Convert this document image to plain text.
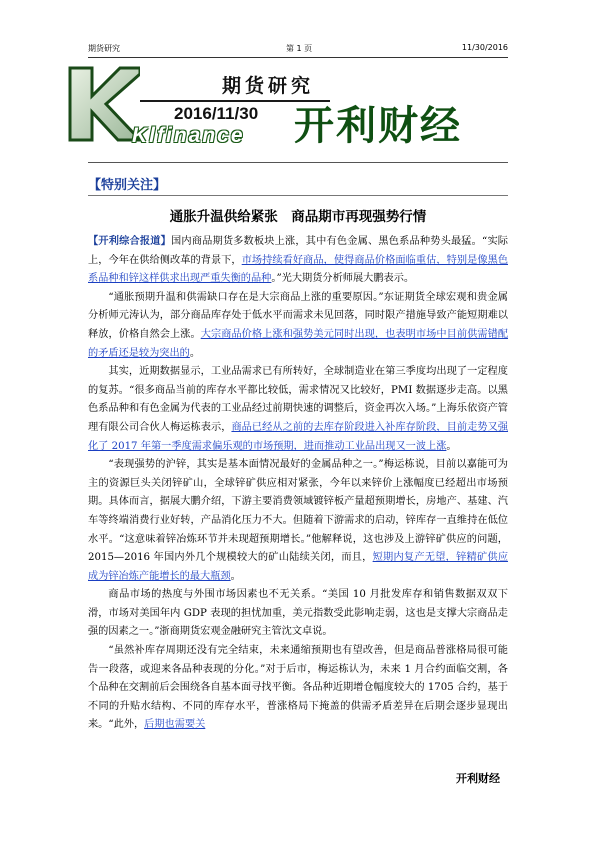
期货研究	第 1 页	11/30/2016
期货研究
2016/11/30
Klfinance 开利财经
【特别关注】
通胀升温供给紧张　商品期市再现强势行情

【开利综合报道】国内商品期货多数板块上涨，其中有色金属、黑色系品种势头最猛。“实际上，今年在供给侧改革的背景下，市场持续看好商品，使得商品价格面临重估，特别是像黑色系品种和锌这样供求出现严重失衡的品种。”光大期货分析师展大鹏表示。

“通胀预期升温和供需缺口存在是大宗商品上涨的重要原因。”东证期货全球宏观和贵金属分析师元涛认为，部分商品库存处于低水平而需求未见回落，同时限产措施导致产能短期难以释放，价格自然会上涨。大宗商品价格上涨和强势美元同时出现，也表明市场中目前供需错配的矛盾还是较为突出的。

其实，近期数据显示，工业品需求已有所转好，全球制造业在第三季度均出现了一定程度的复苏。“很多商品当前的库存水平都比较低，需求情况又比较好，PMI 数据逐步走高。以黑色系品种和有色金属为代表的工业品经过前期快速的调整后，资金再次入场。”上海乐依资产管理有限公司合伙人梅运栋表示，商品已经从之前的去库存阶段进入补库存阶段，目前走势又强化了 2017 年第一季度需求偏乐观的市场预期，进而推动工业品出现又一波上涨。

“表现强势的沪锌，其实是基本面情况最好的金属品种之一。”梅运栋说，目前以嘉能可为主的资源巨头关闭锌矿山，全球锌矿供应相对紧张，今年以来锌价上涨幅度已经超出市场预期。具体而言，据展大鹏介绍，下游主要消费领域镀锌板产量超预期增长，房地产、基建、汽车等终端消费行业好转，产品消化压力不大。但随着下游需求的启动，锌库存一直维持在低位水平。“这意味着锌冶炼环节并未现超预期增长。”他解释说，这也涉及上游锌矿供应的问题，2015—2016 年国内外几个规模较大的矿山陆续关闭，而且，短期内复产无望，锌精矿供应成为锌冶炼产能增长的最大瓶颈。

商品市场的热度与外围市场因素也不无关系。“美国 10 月批发库存和销售数据双双下滑，市场对美国年内 GDP 表现的担忧加重，美元指数受此影响走弱，这也是支撑大宗商品走强的因素之一。”浙商期货宏观金融研究主管沈文卓说。

“虽然补库存周期还没有完全结束，未来通缩预期也有望改善，但是商品普涨格局很可能告一段落，或迎来各品种表现的分化。”对于后市，梅运栋认为，未来 1 月合约面临交割，各个品种在交割前后会围绕各自基本面寻找平衡。各品种近期增仓幅度较大的 1705 合约，基于不同的升贴水结构、不同的库存水平，普涨格局下掩盖的供需矛盾差异在后期会逐步显现出来。“此外，后期也需要关

开利财经
